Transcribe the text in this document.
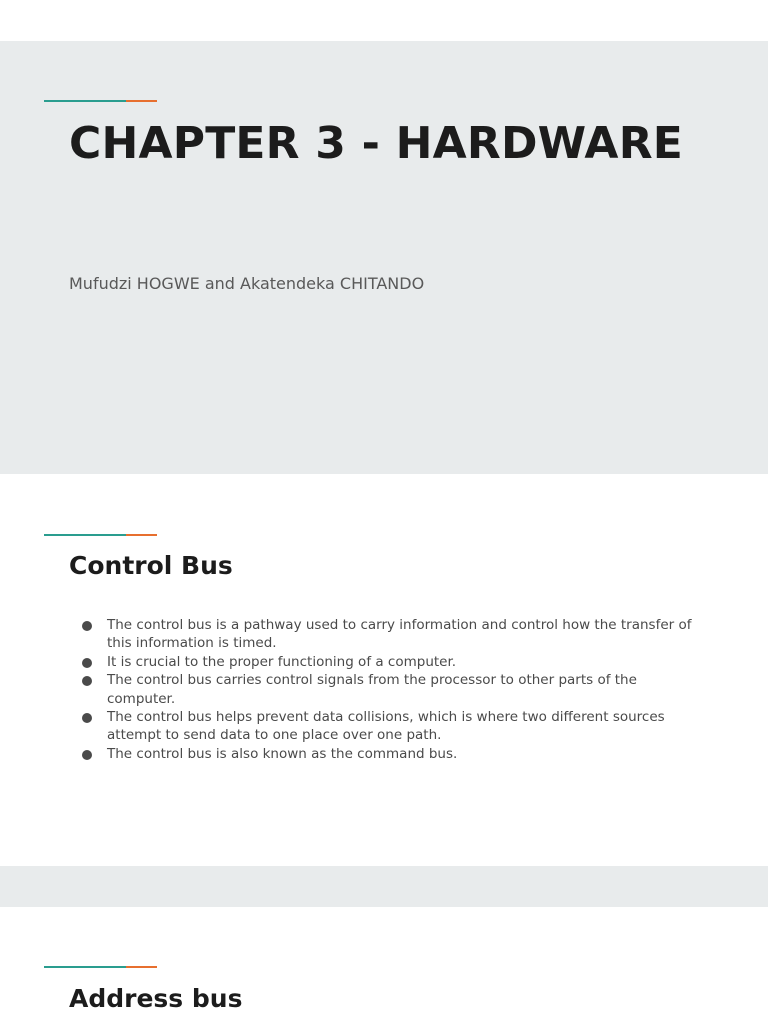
CHAPTER 3 - HARDWARE

Mufudzi HOGWE and Akatendeka CHITANDO

Control Bus
The control bus is a pathway used to carry information and control how the transfer of this information is timed.
It is crucial to the proper functioning of a computer.
The control bus carries control signals from the processor to other parts of the computer.
The control bus helps prevent data collisions, which is where two different sources attempt to send data to one place over one path.
The control bus is also known as the command bus.
Address bus
